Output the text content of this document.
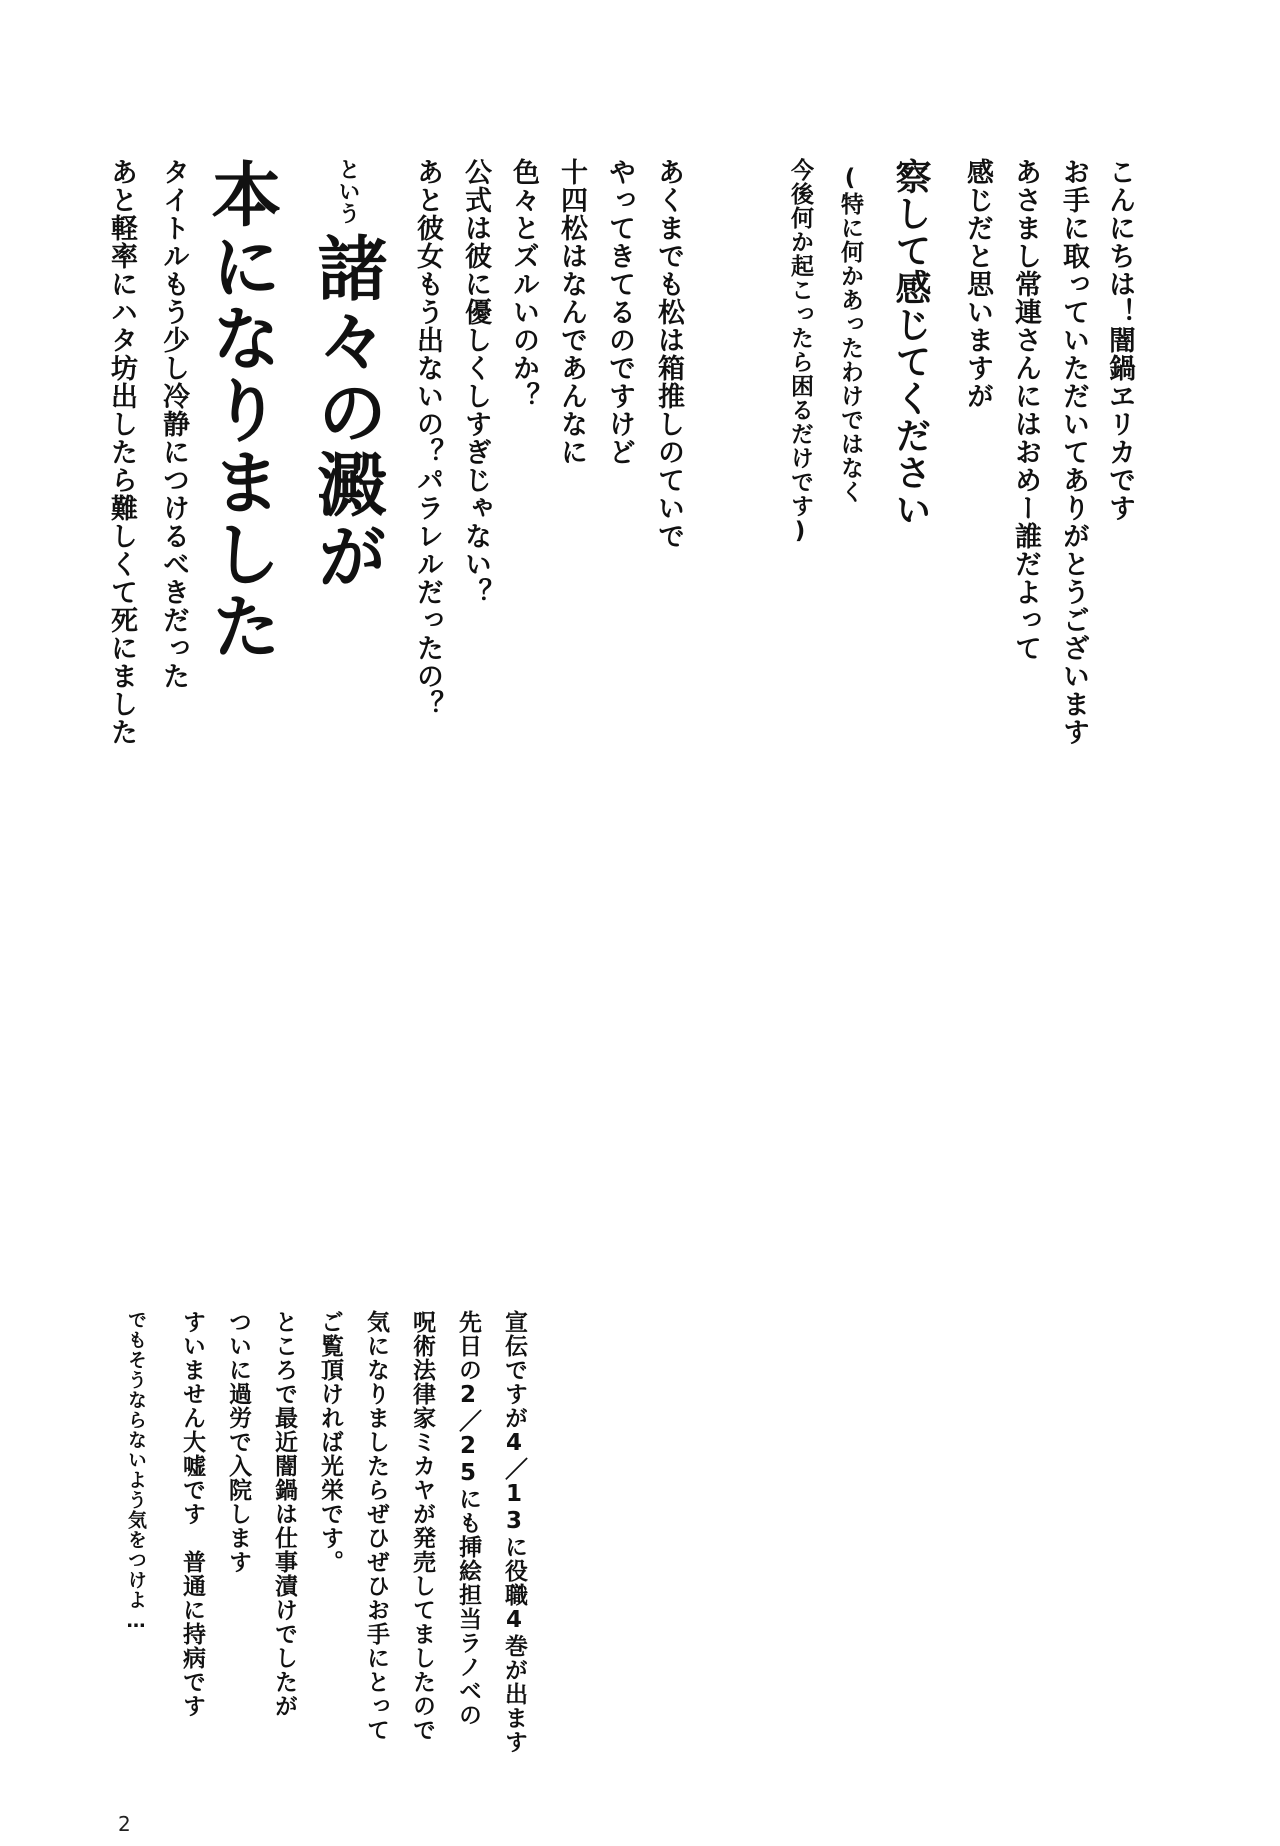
こんにちは！闇鍋ヱリカです
お手に取っていただいてありがとうございます
あさまし常連さんにはおめー誰だよって
感じだと思いますが
察して感じてください
(特に何かあったわけではなく
今後何か起こったら困るだけです)
あくまでも松は箱推しのていで
やってきてるのですけど
十四松はなんであんなに
色々とズルいのか？
公式は彼に優しくしすぎじゃない？
あと彼女もう出ないの？パラレルだったの？
という諸々の澱が
本になりました
タイトルもう少し冷静につけるべきだった
あと軽率にハタ坊出したら難しくて死にました
宣伝ですが4／13に役職4巻が出ます
先日の2／25にも挿絵担当ラノベの
呪術法律家ミカヤが発売してましたので
気になりましたらぜひぜひお手にとって
ご覧頂ければ光栄です。
ところで最近闇鍋は仕事漬けでしたが
ついに過労で入院します
すいません大嘘です　普通に持病です
でもそうならないよう気をつけよ…
2
